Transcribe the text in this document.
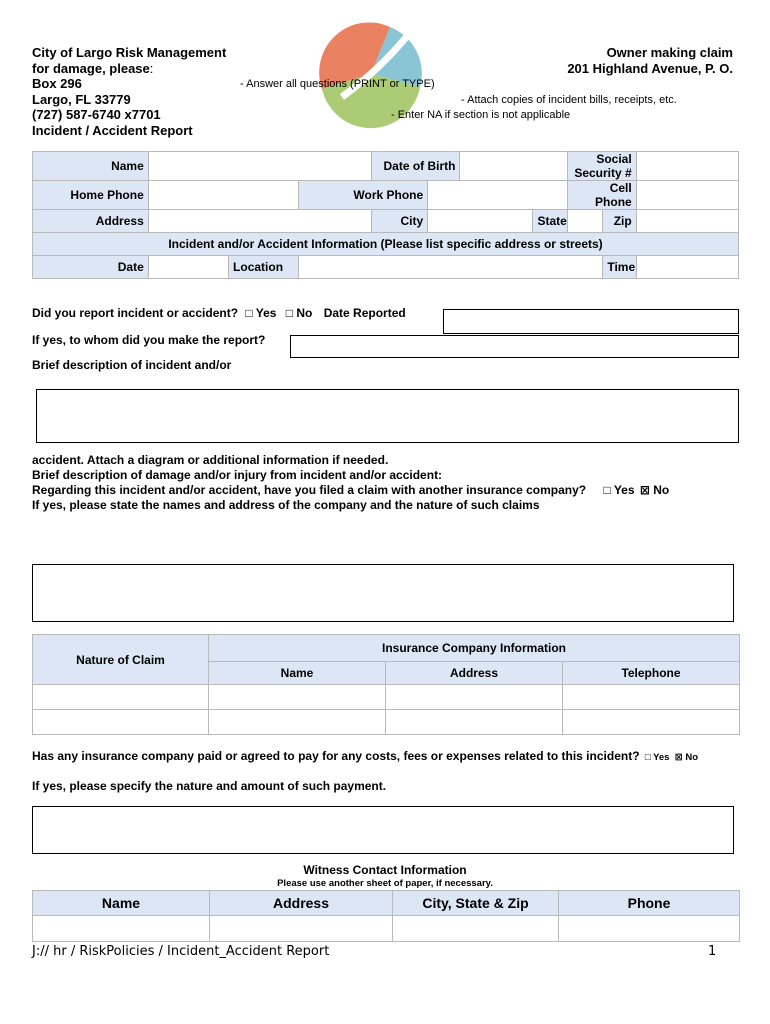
City of Largo Risk Management
for damage, please:
Box 296
Largo, FL 33779
(727) 587-6740 x7701
Incident / Accident Report
Owner making claim
201 Highland Avenue, P. O.
- Answer all questions (PRINT or TYPE)
- Attach copies of incident bills, receipts, etc.
- Enter NA if section is not applicable
Name				Date of Birth				Social Security #		
Home Phone			Work Phone					Cell Phone		
Address				City			State		Zip	
Incident and/or Accident Information (Please list specific address or streets)										
Date		Location							Time	
Did you report incident or accident? □ Yes □ No Date Reported
If yes, to whom did you make the report?
Brief description of incident and/or
accident. Attach a diagram or additional information if needed.
Brief description of damage and/or injury from incident and/or accident:
Regarding this incident and/or accident, have you filed a claim with another insurance company? □ Yes ⊠ No
If yes, please state the names and address of the company and the nature of such claims
Nature of Claim	Insurance Company Information		
	Name	Address	Telephone

Has any insurance company paid or agreed to pay for any costs, fees or expenses related to this incident? □ Yes ⊠ No
If yes, please specify the nature and amount of such payment.
Witness Contact Information
Please use another sheet of paper, if necessary.
Name	Address	City, State & Zip	Phone

J:// hr / RiskPolicies / Incident_Accident Report	1
